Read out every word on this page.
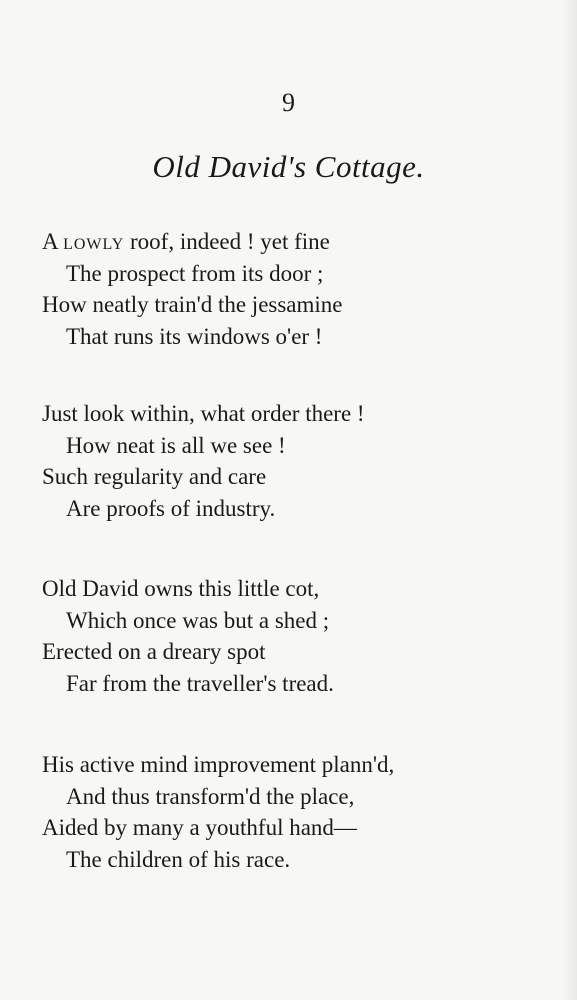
9
Old David's Cottage.
A lowly roof, indeed ! yet fine
The prospect from its door ;
How neatly train'd the jessamine
That runs its windows o'er !
Just look within, what order there !
How neat is all we see !
Such regularity and care
Are proofs of industry.
Old David owns this little cot,
Which once was but a shed ;
Erected on a dreary spot
Far from the traveller's tread.
His active mind improvement plann'd,
And thus transform'd the place,
Aided by many a youthful hand—
The children of his race.
